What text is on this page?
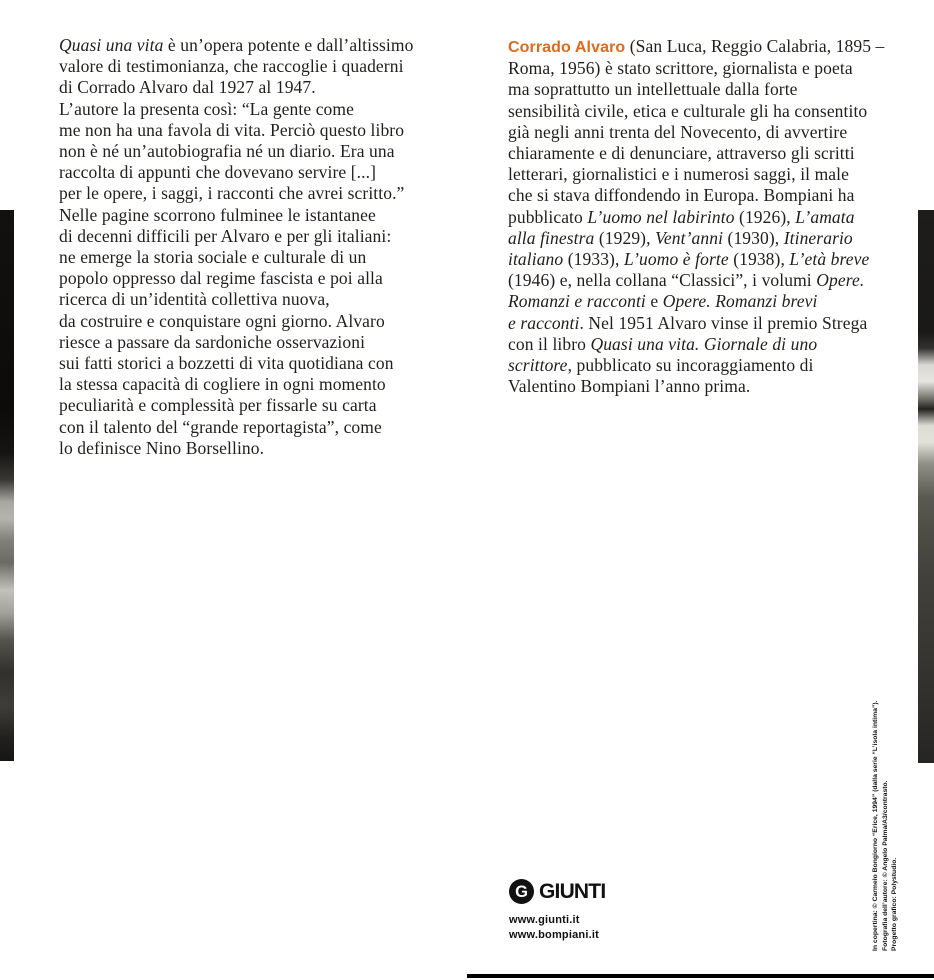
Quasi una vita è un’opera potente e dall’altissimo
valore di testimonianza, che raccoglie i quaderni
di Corrado Alvaro dal 1927 al 1947.
L’autore la presenta così: “La gente come
me non ha una favola di vita. Perciò questo libro
non è né un’autobiografia né un diario. Era una
raccolta di appunti che dovevano servire [...]
per le opere, i saggi, i racconti che avrei scritto.”
Nelle pagine scorrono fulminee le istantanee
di decenni difficili per Alvaro e per gli italiani:
ne emerge la storia sociale e culturale di un
popolo oppresso dal regime fascista e poi alla
ricerca di un’identità collettiva nuova,
da costruire e conquistare ogni giorno. Alvaro
riesce a passare da sardoniche osservazioni
sui fatti storici a bozzetti di vita quotidiana con
la stessa capacità di cogliere in ogni momento
peculiarità e complessità per fissarle su carta
con il talento del “grande reportagista”, come
lo definisce Nino Borsellino.
Corrado Alvaro (San Luca, Reggio Calabria, 1895 –
Roma, 1956) è stato scrittore, giornalista e poeta
ma soprattutto un intellettuale dalla forte
sensibilità civile, etica e culturale gli ha consentito
già negli anni trenta del Novecento, di avvertire
chiaramente e di denunciare, attraverso gli scritti
letterari, giornalistici e i numerosi saggi, il male
che si stava diffondendo in Europa. Bompiani ha
pubblicato L’uomo nel labirinto (1926), L’amata
alla finestra (1929), Vent’anni (1930), Itinerario
italiano (1933), L’uomo è forte (1938), L’età breve
(1946) e, nella collana “Classici”, i volumi Opere.
Romanzi e racconti e Opere. Romanzi brevi
e racconti. Nel 1951 Alvaro vinse il premio Strega
con il libro Quasi una vita. Giornale di uno
scrittore, pubblicato su incoraggiamento di
Valentino Bompiani l’anno prima.
G GIUNTI
www.giunti.it
www.bompiani.it	In copertina: © Carmelo Bongiorno “Erice, 1994” (dalla serie “L’isola intima”). Fotografia dell’autore: © Angelo Palma/A3/contrasto. Progetto grafico: Polystudio.
